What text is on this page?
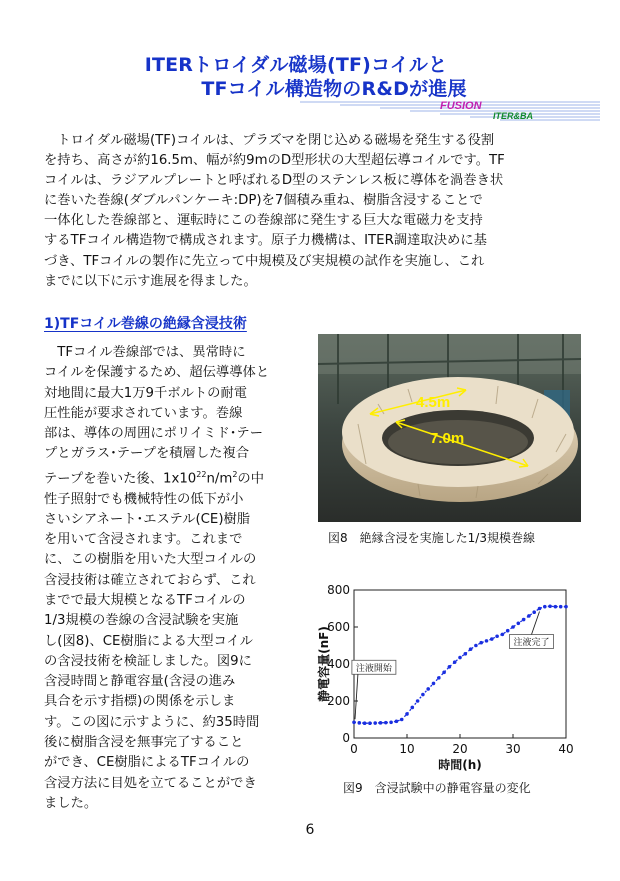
ITERトロイダル磁場(TF)コイルと
TFコイル構造物のR&Dが進展
FUSION
ITER&BA
　トロイダル磁場(TF)コイルは、プラズマを閉じ込める磁場を発生する役割
を持ち、高さが約16.5m、幅が約9mのD型形状の大型超伝導コイルです。TF
コイルは、ラジアルプレートと呼ばれるD型のステンレス板に導体を渦巻き状
に巻いた巻線(ダブルパンケーキ:DP)を7個積み重ね、樹脂含浸することで
一体化した巻線部と、運転時にこの巻線部に発生する巨大な電磁力を支持
するTFコイル構造物で構成されます。原子力機構は、ITER調達取決めに基
づき、TFコイルの製作に先立って中規模及び実規模の試作を実施し、これ
までに以下に示す進展を得ました。
1)TFコイル巻線の絶縁含浸技術
　TFコイル巻線部では、異常時に
コイルを保護するため、超伝導導体と
対地間に最大1万9千ボルトの耐電
圧性能が要求されています。巻線
部は、導体の周囲にポリイミド･テー
プとガラス･テープを積層した複合
テープを巻いた後、$1x10^{22}n/m^2$の中
性子照射でも機械特性の低下が小
さいシアネート･エステル(CE)樹脂
を用いて含浸されます。これまで
に、この樹脂を用いた大型コイルの
含浸技術は確立されておらず、これ
までで最大規模となるTFコイルの
1/3規模の巻線の含浸試験を実施
し(図8)、CE樹脂による大型コイル
の含浸技術を検証しました。図9に
含浸時間と静電容量(含浸の進み
具合を示す指標)の関係を示しま
す。この図に示すように、約35時間
後に樹脂含浸を無事完了すること
ができ、CE樹脂によるTFコイルの
含浸方法に目処を立てることができ
ました。
4.5m
7.0m
図8　絶縁含浸を実施した1/3規模巻線
0	10	20	30	40
0
200
400
600
800
注液開始
注液完了
時間(h)
静電容量(nF)
図9　含浸試験中の静電容量の変化
6
